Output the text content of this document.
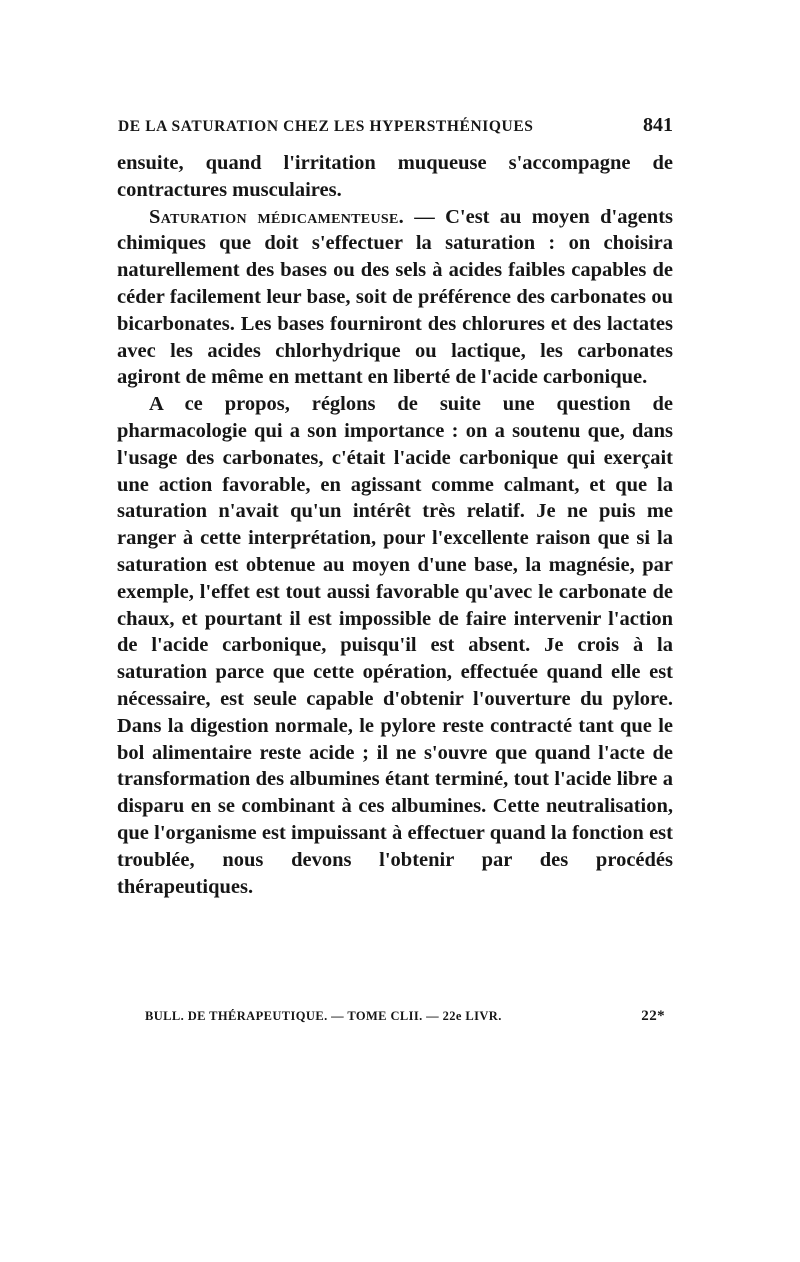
DE LA SATURATION CHEZ LES HYPERSTHÉNIQUES	841

ensuite, quand l'irritation muqueuse s'accompagne de contractures musculaires.

Saturation médicamenteuse. — C'est au moyen d'agents chimiques que doit s'effectuer la saturation : on choisira naturellement des bases ou des sels à acides faibles capables de céder facilement leur base, soit de préférence des carbonates ou bicarbonates. Les bases fourniront des chlorures et des lactates avec les acides chlorhydrique ou lactique, les carbonates agiront de même en mettant en liberté de l'acide carbonique.

A ce propos, réglons de suite une question de pharmacologie qui a son importance : on a soutenu que, dans l'usage des carbonates, c'était l'acide carbonique qui exerçait une action favorable, en agissant comme calmant, et que la saturation n'avait qu'un intérêt très relatif. Je ne puis me ranger à cette interprétation, pour l'excellente raison que si la saturation est obtenue au moyen d'une base, la magnésie, par exemple, l'effet est tout aussi favorable qu'avec le carbonate de chaux, et pourtant il est impossible de faire intervenir l'action de l'acide carbonique, puisqu'il est absent. Je crois à la saturation parce que cette opération, effectuée quand elle est nécessaire, est seule capable d'obtenir l'ouverture du pylore. Dans la digestion normale, le pylore reste contracté tant que le bol alimentaire reste acide ; il ne s'ouvre que quand l'acte de transformation des albumines étant terminé, tout l'acide libre a disparu en se combinant à ces albumines. Cette neutralisation, que l'organisme est impuissant à effectuer quand la fonction est troublée, nous devons l'obtenir par des procédés thérapeutiques.

BULL. DE THÉRAPEUTIQUE. — TOME CLII. — 22e LIVR.	22*
